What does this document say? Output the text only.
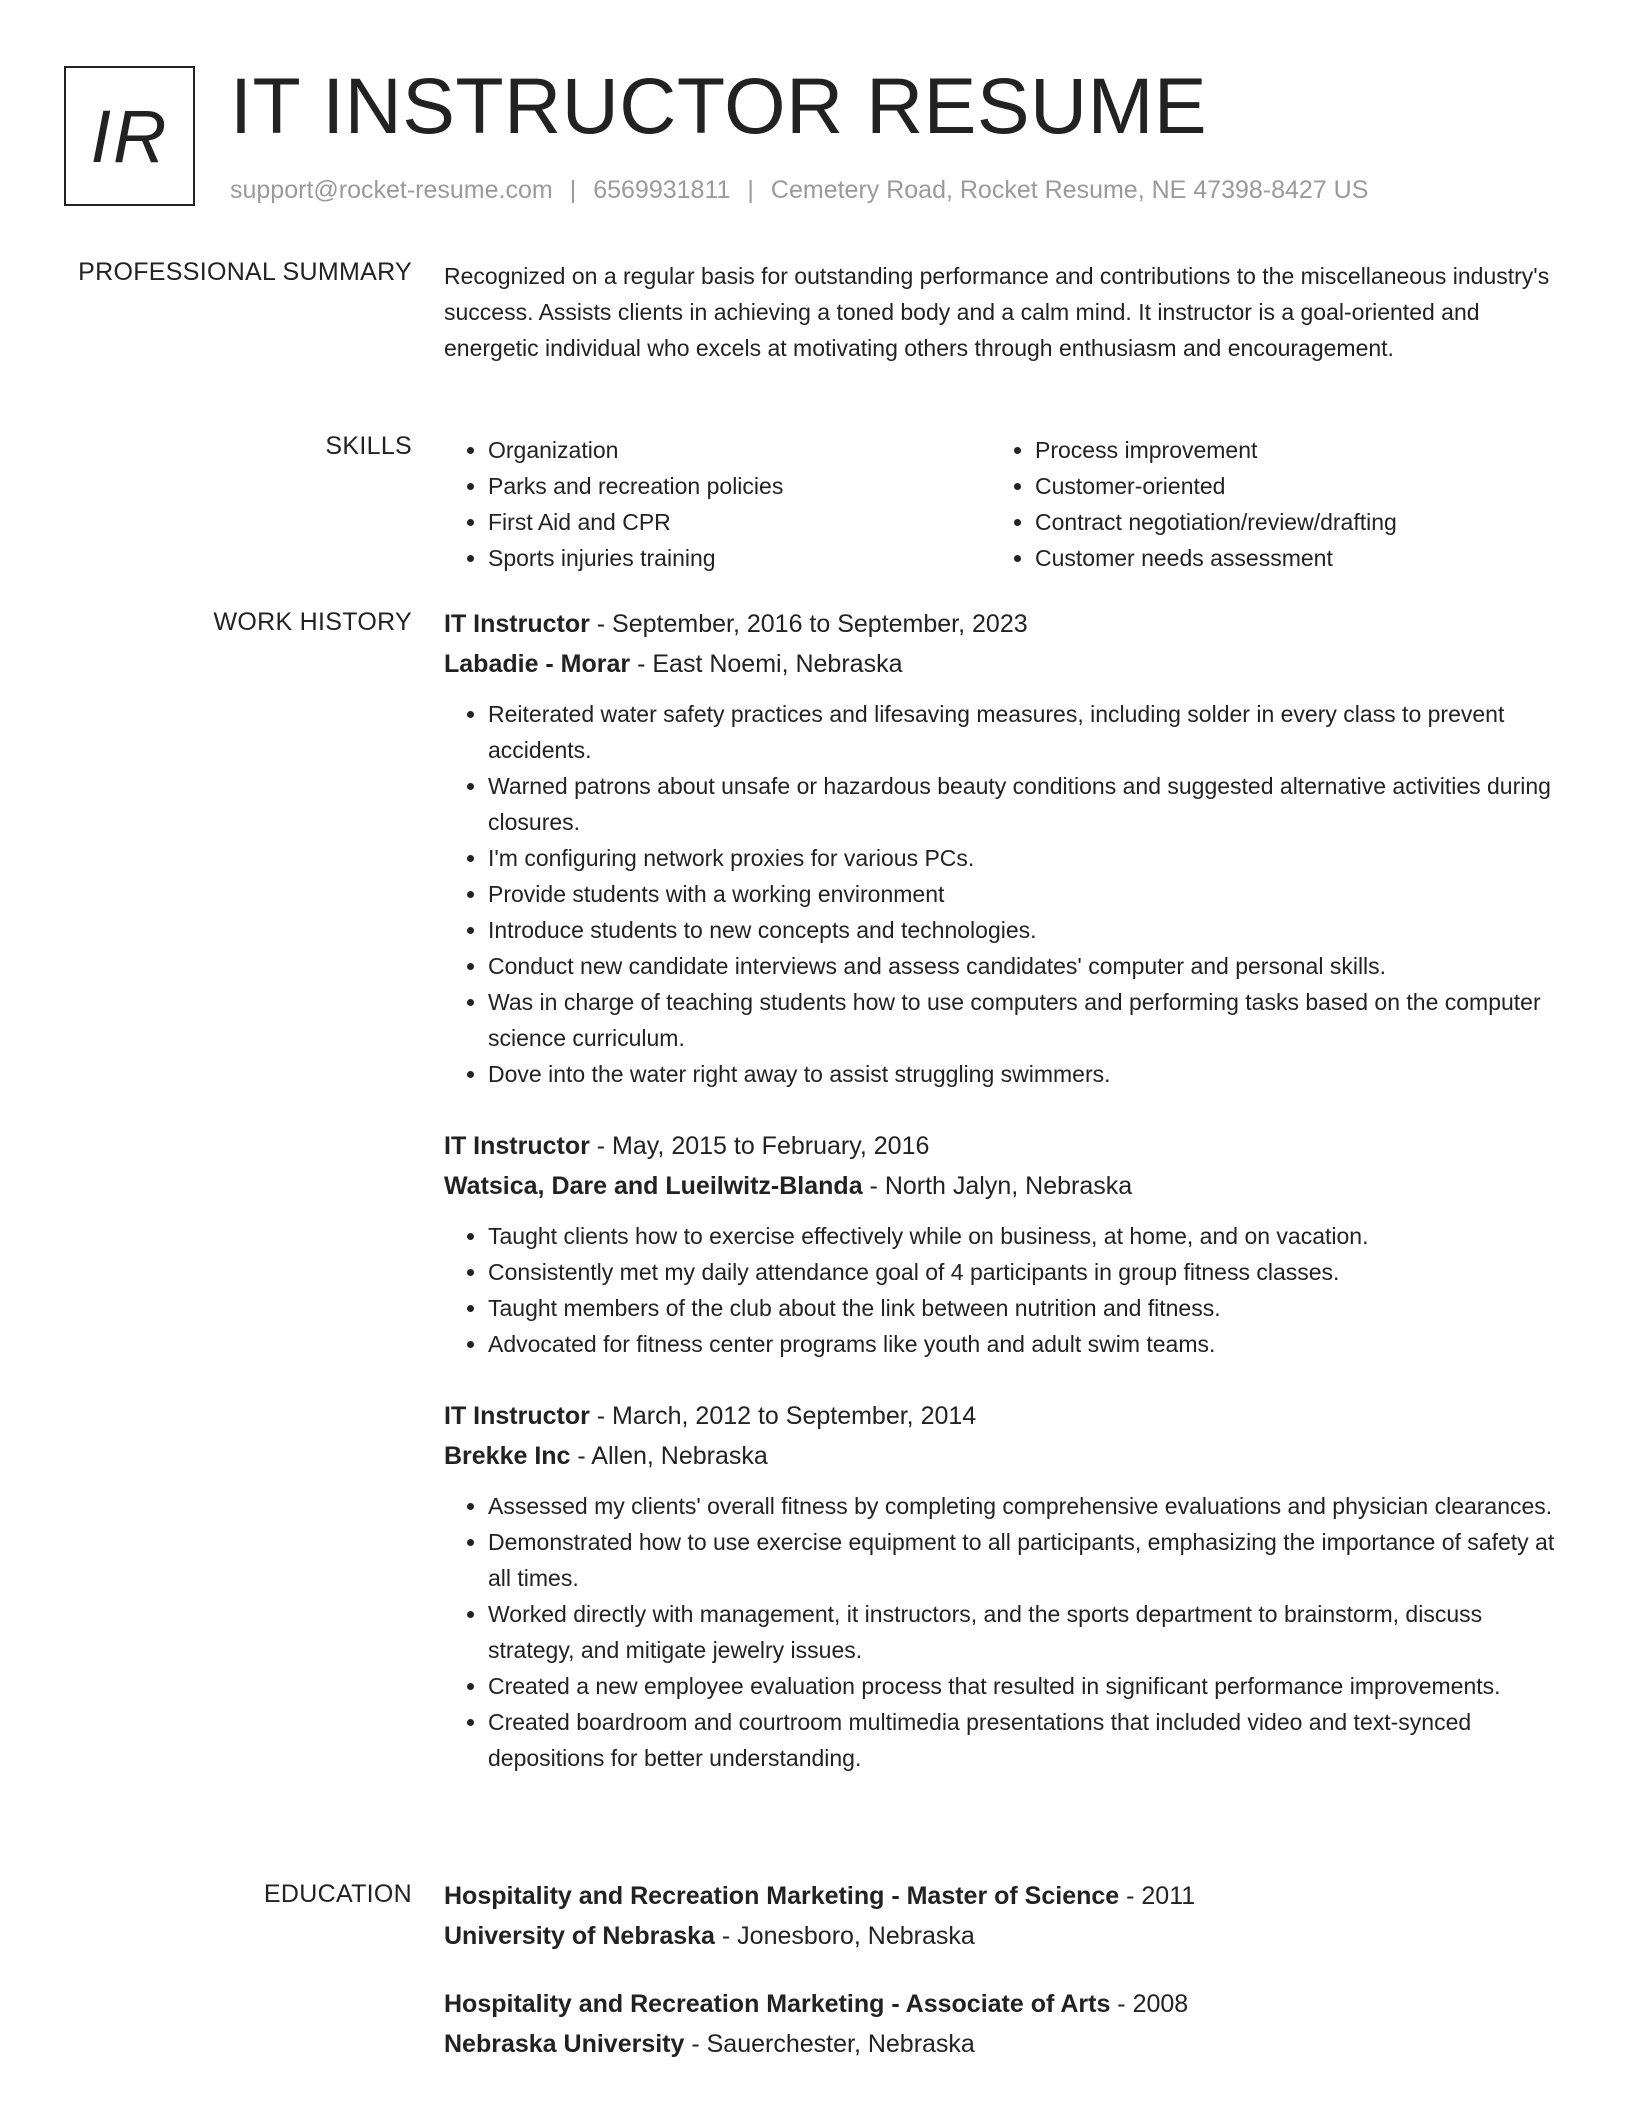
IR IT INSTRUCTOR RESUME
support@rocket-resume.com | 6569931811 | Cemetery Road, Rocket Resume, NE 47398-8427 US
PROFESSIONAL SUMMARY Recognized on a regular basis for outstanding performance and contributions to the miscellaneous industry's success. Assists clients in achieving a toned body and a calm mind. It instructor is a goal-oriented and energetic individual who excels at motivating others through enthusiasm and encouragement.

SKILLS
•	Organization
• Parks and recreation policies
• First Aid and CPR
• Sports injuries training
• Process improvement
• Customer-oriented
• Contract negotiation/review/drafting
• Customer needs assessment
WORK HISTORY IT Instructor - September, 2016 to September, 2023
Labadie - Morar - East Noemi, Nebraska
• Reiterated water safety practices and lifesaving measures, including solder in every class to prevent accidents.
• Warned patrons about unsafe or hazardous beauty conditions and suggested alternative activities during closures.
• I'm configuring network proxies for various PCs.
• Provide students with a working environment
• Introduce students to new concepts and technologies.
• Conduct new candidate interviews and assess candidates' computer and personal skills.
• Was in charge of teaching students how to use computers and performing tasks based on the computer science curriculum.
• Dove into the water right away to assist struggling swimmers.
IT Instructor - May, 2015 to February, 2016
Watsica, Dare and Lueilwitz-Blanda - North Jalyn, Nebraska
• Taught clients how to exercise effectively while on business, at home, and on vacation.
• Consistently met my daily attendance goal of 4 participants in group fitness classes.
• Taught members of the club about the link between nutrition and fitness.
• Advocated for fitness center programs like youth and adult swim teams.
IT Instructor - March, 2012 to September, 2014
Brekke Inc - Allen, Nebraska
• Assessed my clients' overall fitness by completing comprehensive evaluations and physician clearances.
• Demonstrated how to use exercise equipment to all participants, emphasizing the importance of safety at all times.
• Worked directly with management, it instructors, and the sports department to brainstorm, discuss strategy, and mitigate jewelry issues.
• Created a new employee evaluation process that resulted in significant performance improvements.
• Created boardroom and courtroom multimedia presentations that included video and text-synced depositions for better understanding.
EDUCATION Hospitality and Recreation Marketing - Master of Science - 2011
University of Nebraska - Jonesboro, Nebraska
Hospitality and Recreation Marketing - Associate of Arts - 2008
Nebraska University - Sauerchester, Nebraska
